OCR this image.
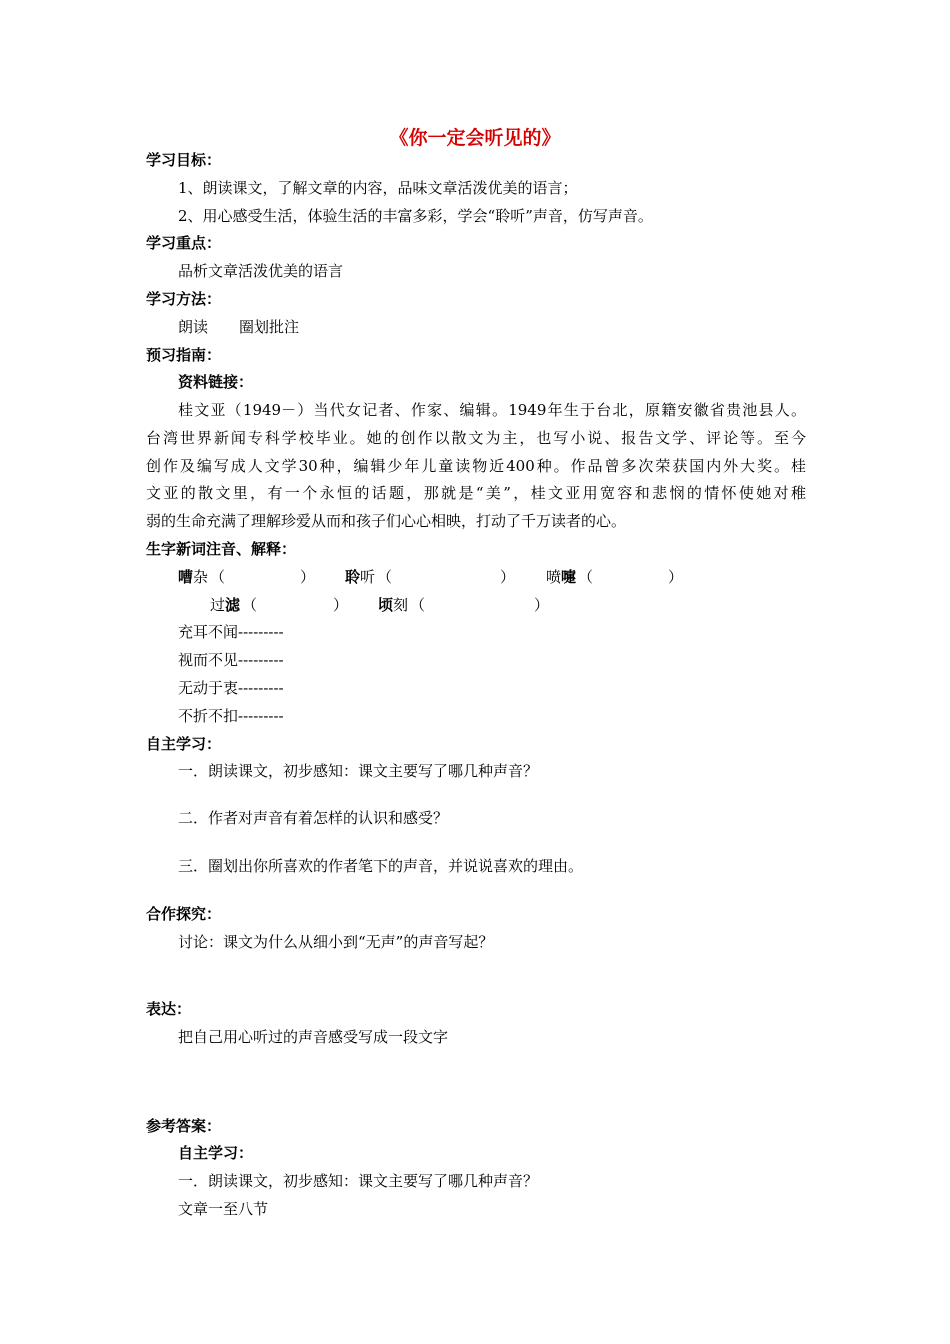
《你一定会听见的》
学习目标：
1、朗读课文，了解文章的内容，品味文章活泼优美的语言；
2、用心感受生活，体验生活的丰富多彩，学会“聆听”声音，仿写声音。
学习重点：
品析文章活泼优美的语言
学习方法：
朗读 圈划批注
预习指南：
资料链接：
桂文亚（1949－）当代女记者、作家、编辑。1949年生于台北，原籍安徽省贵池县人。
台湾世界新闻专科学校毕业。她的创作以散文为主，也写小说、报告文学、评论等。至今
创作及编写成人文学30种，编辑少年儿童读物近400种。作品曾多次荣获国内外大奖。桂
文亚的散文里，有一个永恒的话题，那就是“美”，桂文亚用宽容和悲悯的情怀使她对稚
弱的生命充满了理解珍爱从而和孩子们心心相映，打动了千万读者的心。
生字新词注音、解释：
嘈杂 （	） 聆听 （	） 喷嚏 （	）
过滤 （	） 顷刻 （	）
充耳不闻---------
视而不见---------
无动于衷---------
不折不扣---------
自主学习：
一．朗读课文，初步感知：课文主要写了哪几种声音？
二．作者对声音有着怎样的认识和感受？
三．圈划出你所喜欢的作者笔下的声音，并说说喜欢的理由。
合作探究：
讨论：课文为什么从细小到“无声”的声音写起？
表达：
把自己用心听过的声音感受写成一段文字
参考答案：
自主学习：
一．朗读课文，初步感知：课文主要写了哪几种声音？
文章一至八节
